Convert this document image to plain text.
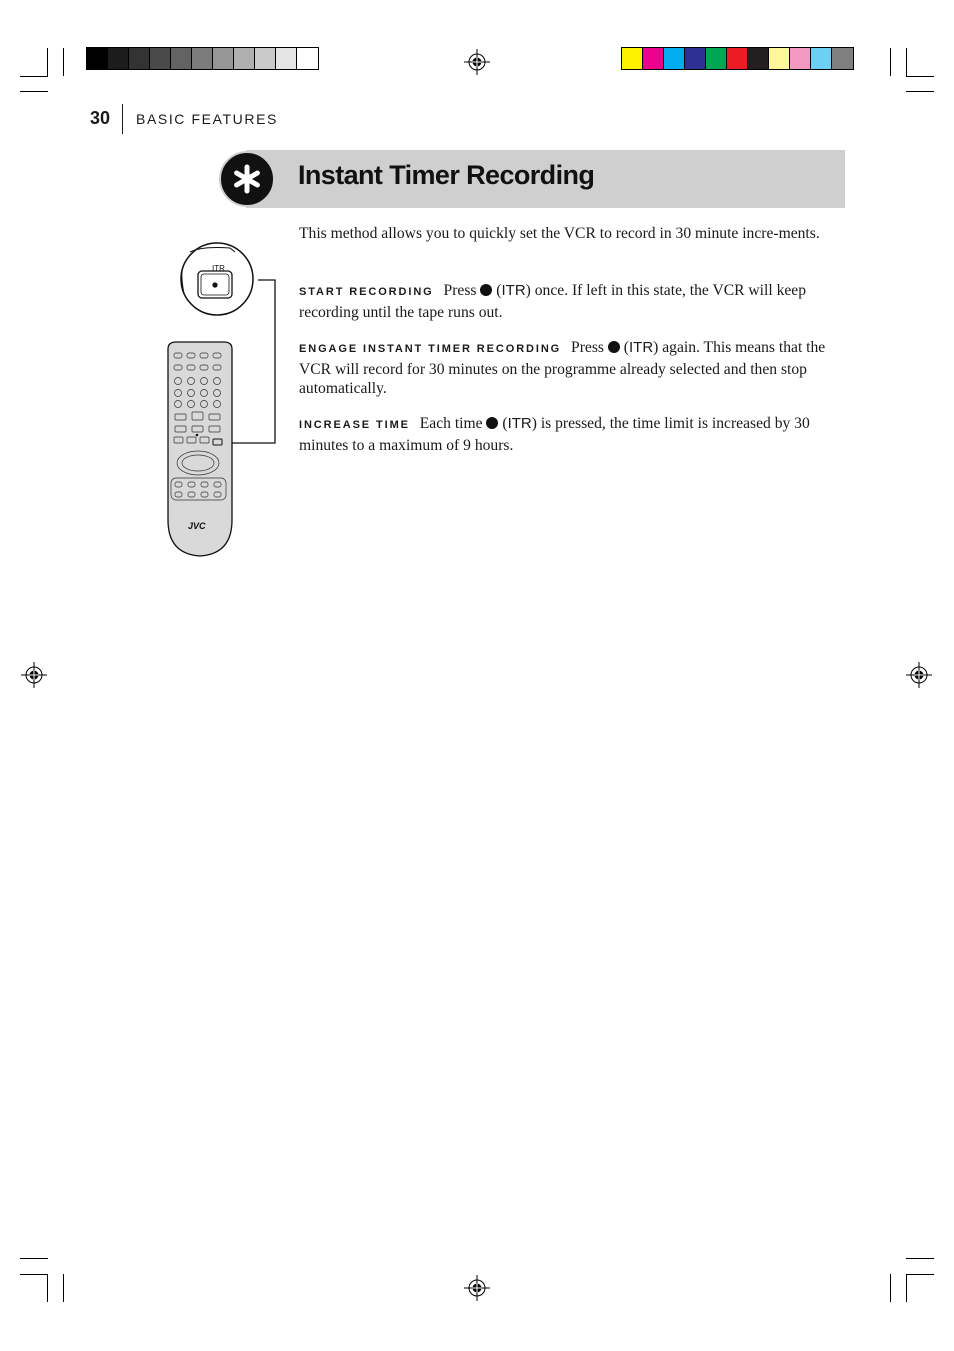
30 BASIC FEATURES
Instant Timer Recording

This method allows you to quickly set the VCR to record in 30 minute incre-ments.

START RECORDING Press  (ITR) once. If left in this state, the VCR will keep recording until the tape runs out.

ENGAGE INSTANT TIMER RECORDING Press  (ITR) again. This means that the VCR will record for 30 minutes on the programme already selected and then stop automatically.

INCREASE TIME Each time  (ITR) is pressed, the time limit is increased by 30 minutes to a maximum of 9 hours.

ITR
JVC
